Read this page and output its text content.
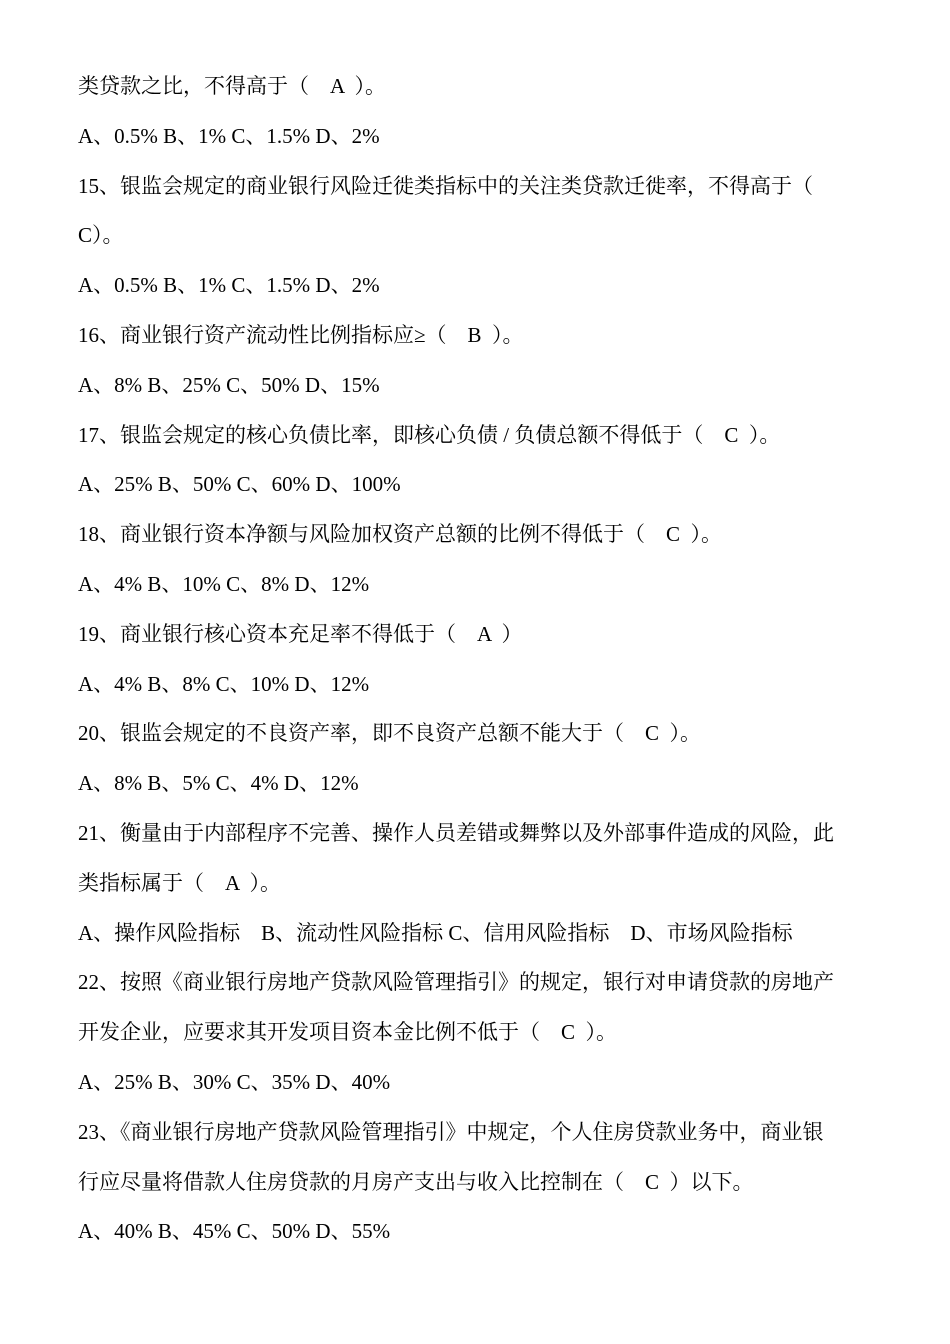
类贷款之比，不得高于（    A  ）。

A、0.5% B、1% C、1.5% D、2%

15、银监会规定的商业银行风险迁徙类指标中的关注类贷款迁徙率，不得高于（

C）。

A、0.5% B、1% C、1.5% D、2%

16、商业银行资产流动性比例指标应≥（    B  ）。

A、8% B、25% C、50% D、15%

17、银监会规定的核心负债比率，即核心负债 / 负债总额不得低于（    C  ）。

A、25% B、50% C、60% D、100%

18、商业银行资本净额与风险加权资产总额的比例不得低于（    C  ）。

A、4% B、10% C、8% D、12%

19、商业银行核心资本充足率不得低于（    A  ）

A、4% B、8% C、10% D、12%

20、银监会规定的不良资产率，即不良资产总额不能大于（    C  ）。

A、8% B、5% C、4% D、12%

21、衡量由于内部程序不完善、操作人员差错或舞弊以及外部事件造成的风险，此

类指标属于（    A  ）。

A、操作风险指标    B、流动性风险指标 C、信用风险指标    D、市场风险指标

22、按照《商业银行房地产贷款风险管理指引》的规定，银行对申请贷款的房地产

开发企业，应要求其开发项目资本金比例不低于（    C  ）。

A、25% B、30% C、35% D、40%

23、《商业银行房地产贷款风险管理指引》中规定，个人住房贷款业务中，商业银

行应尽量将借款人住房贷款的月房产支出与收入比控制在（    C  ）以下。

A、40% B、45% C、50% D、55%
